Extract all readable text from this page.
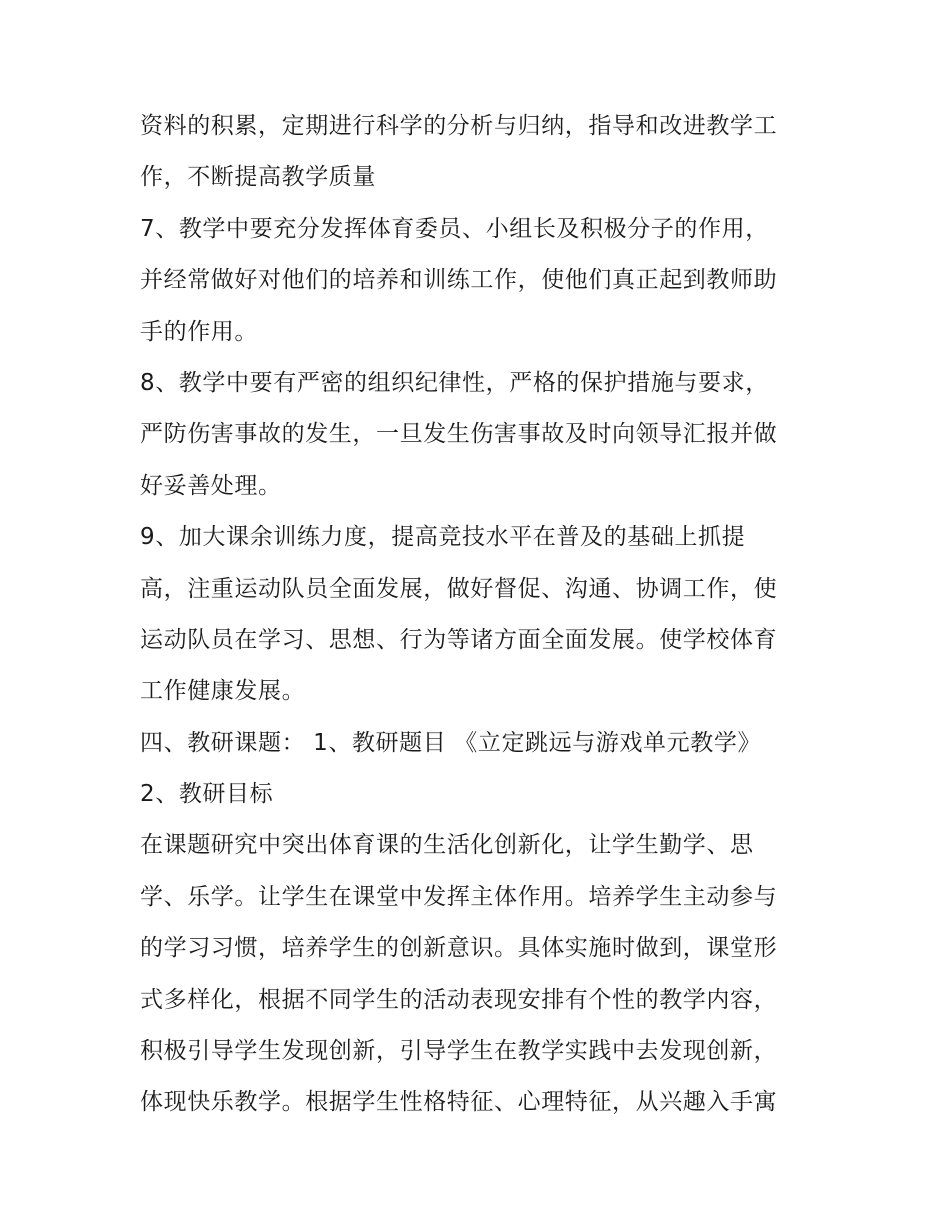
资料的积累，定期进行科学的分析与归纳，指导和改进教学工
作，不断提高教学质量
7、教学中要充分发挥体育委员、小组长及积极分子的作用，
并经常做好对他们的培养和训练工作，使他们真正起到教师助
手的作用。
8、教学中要有严密的组织纪律性，严格的保护措施与要求，
严防伤害事故的发生，一旦发生伤害事故及时向领导汇报并做
好妥善处理。
9、加大课余训练力度，提高竞技水平在普及的基础上抓提
高，注重运动队员全面发展，做好督促、沟通、协调工作，使
运动队员在学习、思想、行为等诸方面全面发展。使学校体育
工作健康发展。
四、教研课题： 1、教研题目 《立定跳远与游戏单元教学》
2、教研目标
在课题研究中突出体育课的生活化创新化，让学生勤学、思
学、乐学。让学生在课堂中发挥主体作用。培养学生主动参与
的学习习惯，培养学生的创新意识。具体实施时做到，课堂形
式多样化，根据不同学生的活动表现安排有个性的教学内容，
积极引导学生发现创新，引导学生在教学实践中去发现创新，
体现快乐教学。根据学生性格特征、心理特征，从兴趣入手寓
